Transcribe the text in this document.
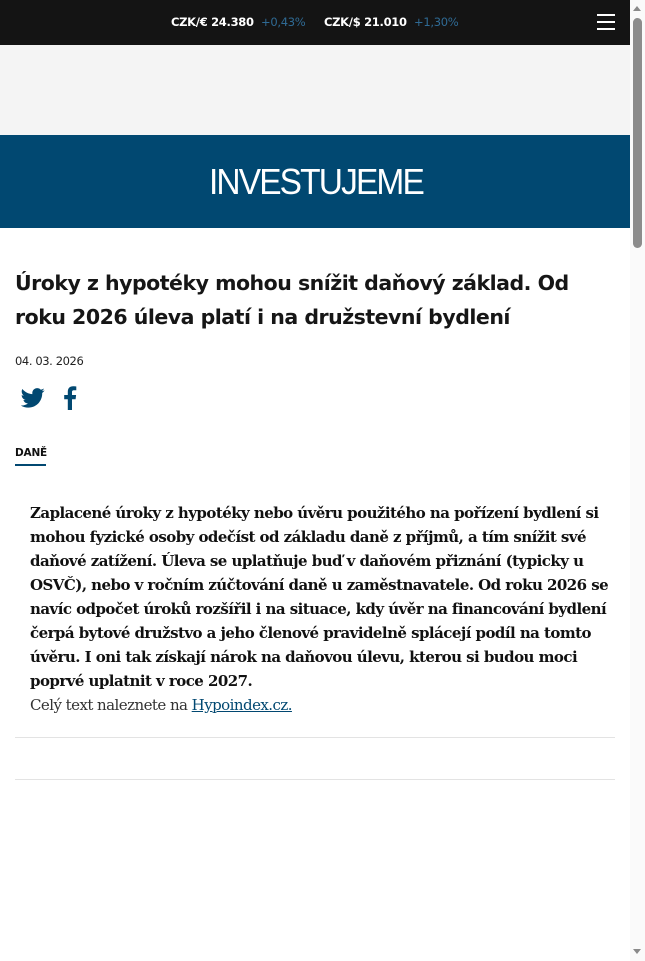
CZK/€ 24.380 +0,43% CZK/$ 21.010 +1,30%
INVESTUJEME
Úroky z hypotéky mohou snížit daňový základ. Od roku 2026 úleva platí i na družstevní bydlení
04. 03. 2026
DANĚ

Zaplacené úroky z hypotéky nebo úvěru použitého na pořízení bydlení si mohou fyzické osoby odečíst od základu daně z příjmů, a tím snížit své daňové zatížení. Úleva se uplatňuje buď v daňovém přiznání (typicky u OSVČ), nebo v ročním zúčtování daně u zaměstnavatele. Od roku 2026 se navíc odpočet úroků rozšířil i na situace, kdy úvěr na financování bydlení čerpá bytové družstvo a jeho členové pravidelně splácejí podíl na tomto úvěru. I oni tak získají nárok na daňovou úlevu, kterou si budou moci poprvé uplatnit v roce 2027.

Celý text naleznete na Hypoindex.cz.
